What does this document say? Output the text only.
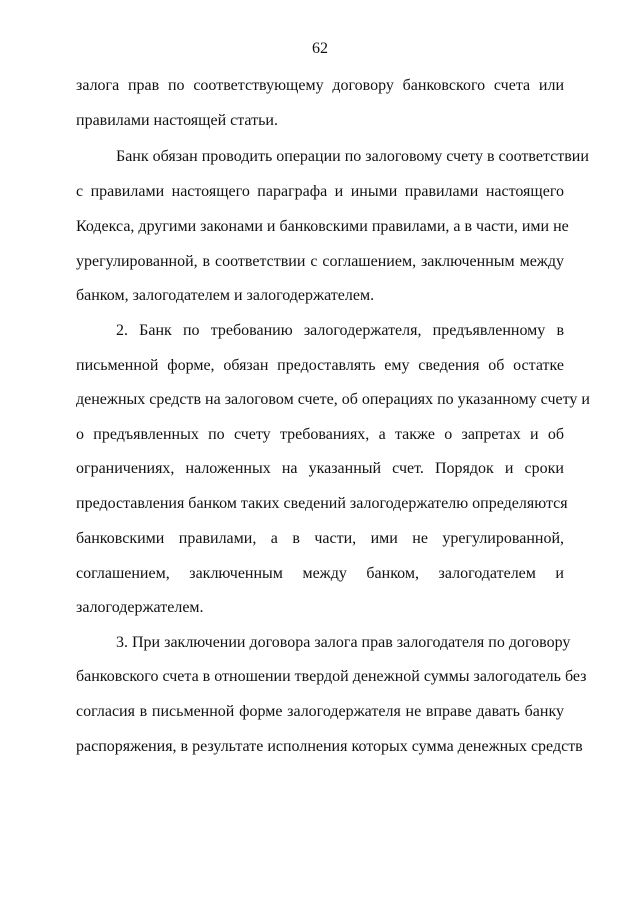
62
залога прав по соответствующему договору банковского счета или
правилами настоящей статьи.
Банк обязан проводить операции по залоговому счету в соответствии
с правилами настоящего параграфа и иными правилами настоящего
Кодекса, другими законами и банковскими правилами, а в части, ими не
урегулированной, в соответствии с соглашением, заключенным между
банком, залогодателем и залогодержателем.
2. Банк по требованию залогодержателя, предъявленному в
письменной форме, обязан предоставлять ему сведения об остатке
денежных средств на залоговом счете, об операциях по указанному счету и
о предъявленных по счету требованиях, а также о запретах и об
ограничениях, наложенных на указанный счет. Порядок и сроки
предоставления банком таких сведений залогодержателю определяются
банковскими правилами, а в части, ими не урегулированной,
соглашением, заключенным между банком, залогодателем и
залогодержателем.
3. При заключении договора залога прав залогодателя по договору
банковского счета в отношении твердой денежной суммы залогодатель без
согласия в письменной форме залогодержателя не вправе давать банку
распоряжения, в результате исполнения которых сумма денежных средств
